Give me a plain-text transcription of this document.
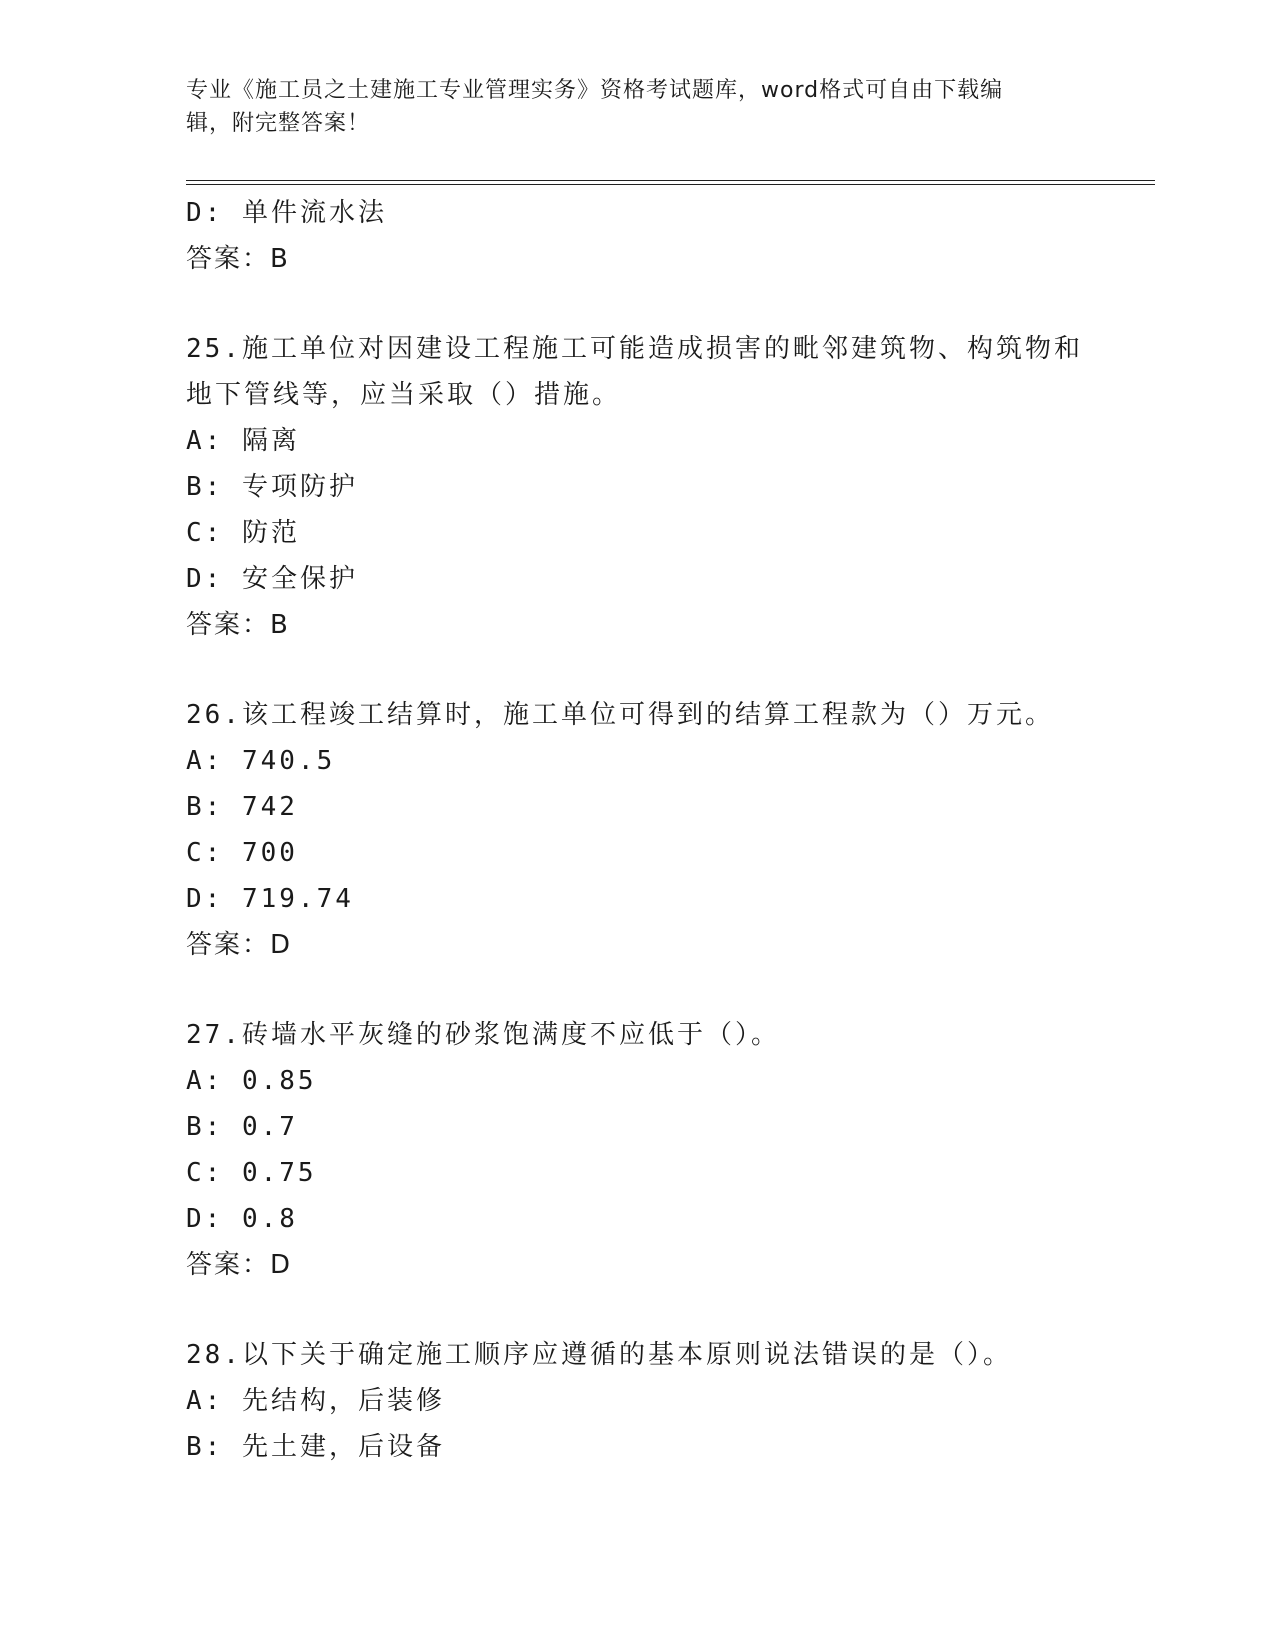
专业《施工员之土建施工专业管理实务》资格考试题库，word格式可自由下载编
辑，附完整答案！
D: 单件流水法
答案：B
25.施工单位对因建设工程施工可能造成损害的毗邻建筑物、构筑物和
地下管线等，应当采取（）措施。
A: 隔离
B: 专项防护
C: 防范
D: 安全保护
答案：B
26.该工程竣工结算时，施工单位可得到的结算工程款为（）万元。
A: 740.5
B: 742
C: 700
D: 719.74
答案：D
27.砖墙水平灰缝的砂浆饱满度不应低于（）。
A: 0.85
B: 0.7
C: 0.75
D: 0.8
答案：D
28.以下关于确定施工顺序应遵循的基本原则说法错误的是（）。
A: 先结构，后装修
B: 先土建，后设备
